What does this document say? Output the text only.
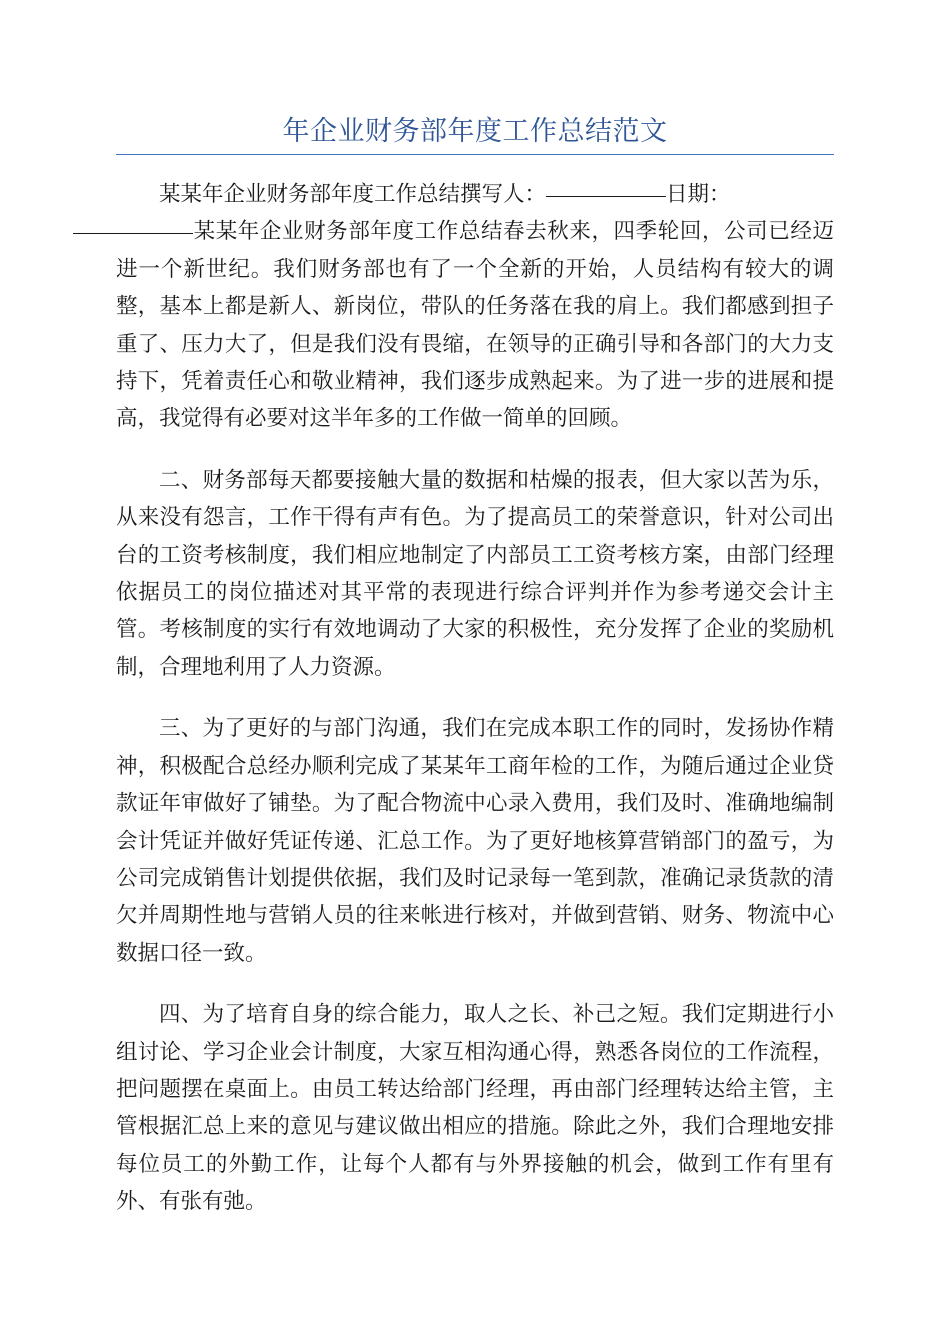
年企业财务部年度工作总结范文

某某年企业财务部年度工作总结撰写人：	日期：
某某年企业财务部年度工作总结春去秋来，四季轮回，公司已经迈进一个新世纪。我们财务部也有了一个全新的开始，人员结构有较大的调整，基本上都是新人、新岗位，带队的任务落在我的肩上。我们都感到担子重了、压力大了，但是我们没有畏缩，在领导的正确引导和各部门的大力支持下，凭着责任心和敬业精神，我们逐步成熟起来。为了进一步的进展和提高，我觉得有必要对这半年多的工作做一简单的回顾。

二、财务部每天都要接触大量的数据和枯燥的报表，但大家以苦为乐，从来没有怨言，工作干得有声有色。为了提高员工的荣誉意识，针对公司出台的工资考核制度，我们相应地制定了内部员工工资考核方案，由部门经理依据员工的岗位描述对其平常的表现进行综合评判并作为参考递交会计主管。考核制度的实行有效地调动了大家的积极性，充分发挥了企业的奖励机制，合理地利用了人力资源。

三、为了更好的与部门沟通，我们在完成本职工作的同时，发扬协作精神，积极配合总经办顺利完成了某某年工商年检的工作，为随后通过企业贷款证年审做好了铺垫。为了配合物流中心录入费用，我们及时、准确地编制会计凭证并做好凭证传递、汇总工作。为了更好地核算营销部门的盈亏，为公司完成销售计划提供依据，我们及时记录每一笔到款，准确记录货款的清欠并周期性地与营销人员的往来帐进行核对，并做到营销、财务、物流中心数据口径一致。

四、为了培育自身的综合能力，取人之长、补己之短。我们定期进行小组讨论、学习企业会计制度，大家互相沟通心得，熟悉各岗位的工作流程，把问题摆在桌面上。由员工转达给部门经理，再由部门经理转达给主管，主管根据汇总上来的意见与建议做出相应的措施。除此之外，我们合理地安排每位员工的外勤工作，让每个人都有与外界接触的机会，做到工作有里有外、有张有弛。
